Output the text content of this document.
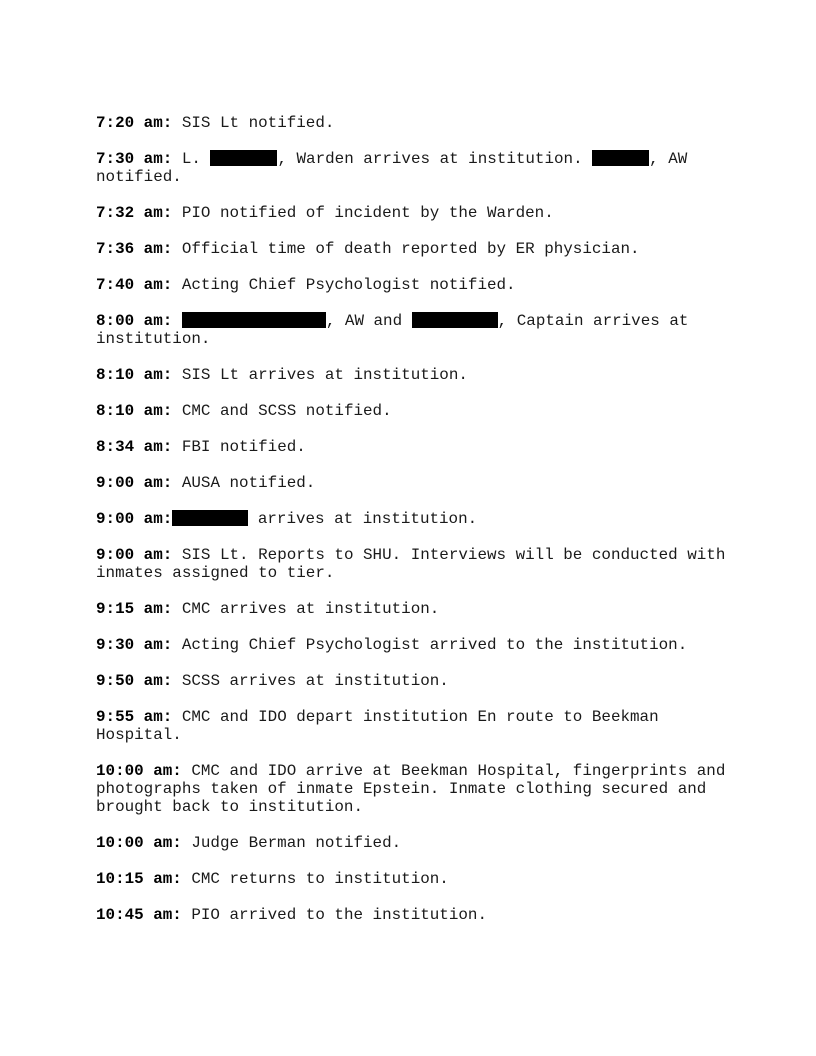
7:20 am: SIS Lt notified.

7:30 am: L.	, Warden arrives at institution.	, AW notified.

7:32 am: PIO notified of incident by the Warden.

7:36 am: Official time of death reported by ER physician.

7:40 am: Acting Chief Psychologist notified.

8:00 am:	, AW and	, Captain arrives at institution.

8:10 am: SIS Lt arrives at institution.

8:10 am: CMC and SCSS notified.

8:34 am: FBI notified.

9:00 am: AUSA notified.

9:00 am:	arrives at institution.

9:00 am: SIS Lt. Reports to SHU. Interviews will be conducted with inmates assigned to tier.

9:15 am: CMC arrives at institution.

9:30 am: Acting Chief Psychologist arrived to the institution.

9:50 am: SCSS arrives at institution.

9:55 am: CMC and IDO depart institution En route to Beekman Hospital.

10:00 am: CMC and IDO arrive at Beekman Hospital, fingerprints and photographs taken of inmate Epstein. Inmate clothing secured and brought back to institution.

10:00 am: Judge Berman notified.

10:15 am: CMC returns to institution.

10:45 am: PIO arrived to the institution.
